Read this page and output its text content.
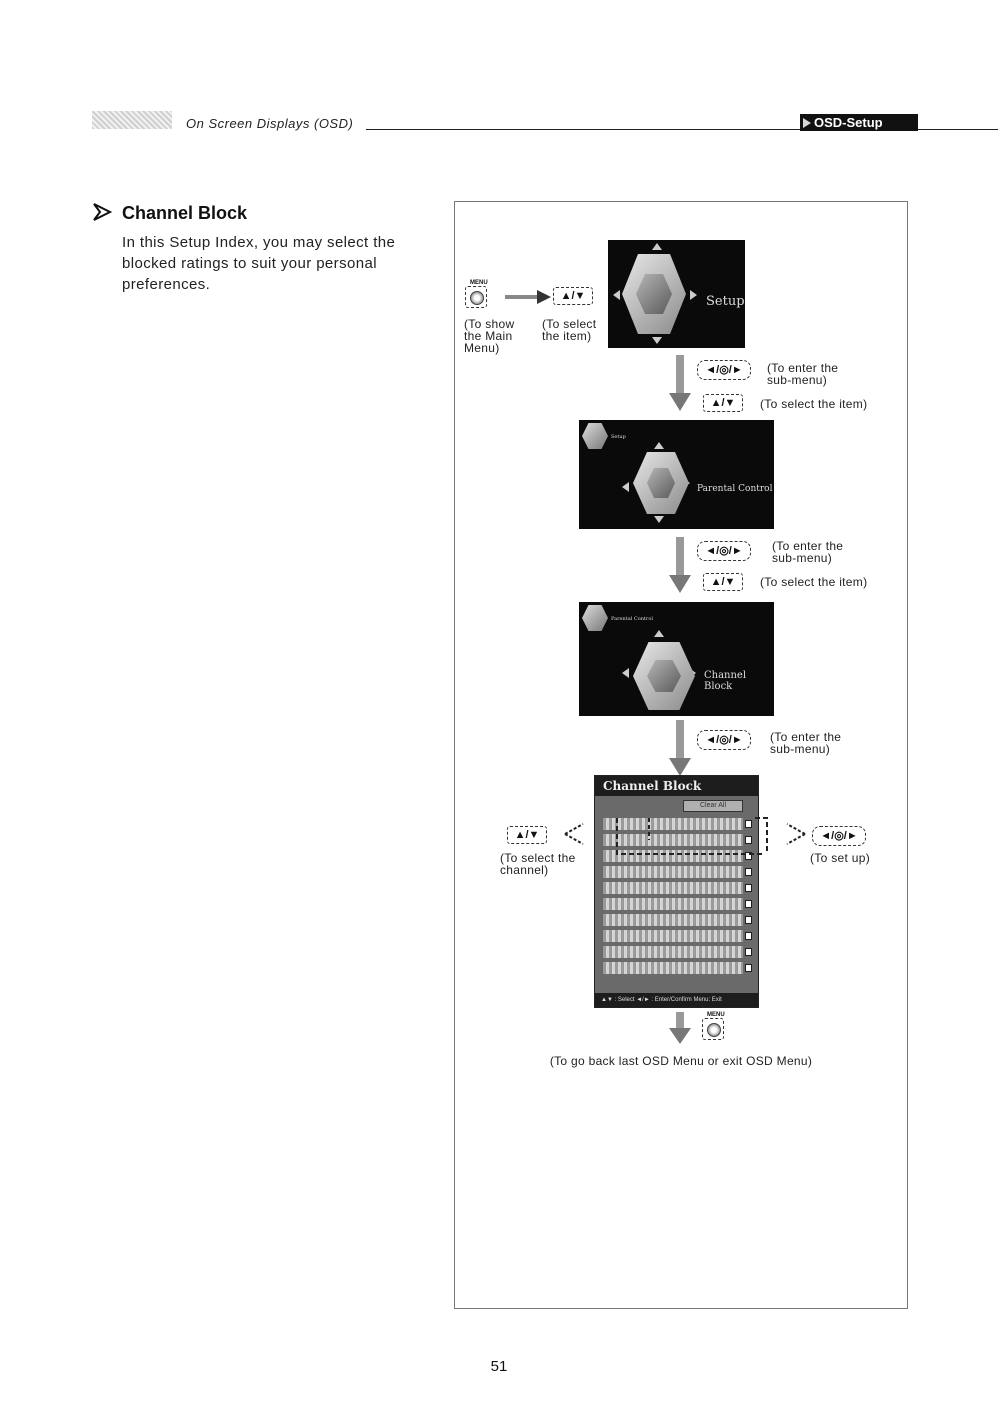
On Screen Displays (OSD)	OSD-Setup
Channel Block
In this Setup Index, you may select the blocked ratings to suit your personal preferences.	MENU
▲/▼
(To show the Main Menu)
(To select the item)
Setup
◄/◎/►	(To enter the sub-menu)
▲/▼	(To select the item)
Setup
Parental Control
◄/◎/►	(To enter the sub-menu)
▲/▼	(To select the item)
Parental Control
Channel Block
◄/◎/►	(To enter the sub-menu)
Channel Block
Clear All
▲▼ : Select ◄/► : Enter/Confirm Menu: Exit
▲/▼
(To select the channel)
◄/◎/►
(To set up)
MENU
(To go back last OSD Menu or exit OSD Menu)
51
